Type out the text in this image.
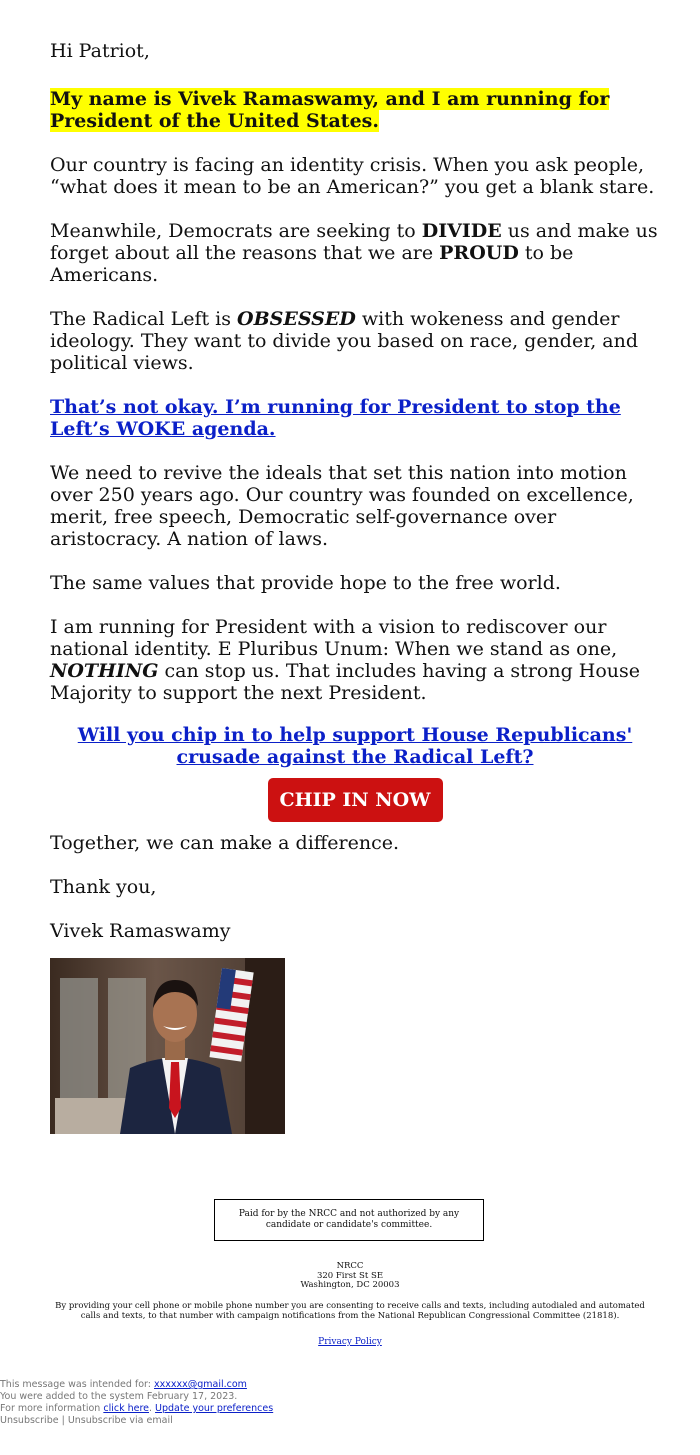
Hi Patriot,

My name is Vivek Ramaswamy, and I am running for President of the United States.

Our country is facing an identity crisis. When you ask people, “what does it mean to be an American?” you get a blank stare.

Meanwhile, Democrats are seeking to DIVIDE us and make us forget about all the reasons that we are PROUD to be Americans.

The Radical Left is OBSESSED with wokeness and gender ideology. They want to divide you based on race, gender, and political views.

That’s not okay. I’m running for President to stop the Left’s WOKE agenda.

We need to revive the ideals that set this nation into motion over 250 years ago. Our country was founded on excellence, merit, free speech, Democratic self-governance over aristocracy. A nation of laws.

The same values that provide hope to the free world.

I am running for President with a vision to rediscover our national identity. E Pluribus Unum: When we stand as one, NOTHING can stop us. That includes having a strong House Majority to support the next President.

Will you chip in to help support House Republicans' crusade against the Radical Left?

CHIP IN NOW

Together, we can make a difference.

Thank you,

Vivek Ramaswamy

Paid for by the NRCC and not authorized by any candidate or candidate's committee.
NRCC
320 First St SE
Washington, DC 20003
By providing your cell phone or mobile phone number you are consenting to receive calls and texts, including autodialed and automated calls and texts, to that number with campaign notifications from the National Republican Congressional Committee (21818).
Privacy Policy
This message was intended for: xxxxxx@gmail.com
You were added to the system February 17, 2023.
For more information click here. Update your preferences
Unsubscribe | Unsubscribe via email
